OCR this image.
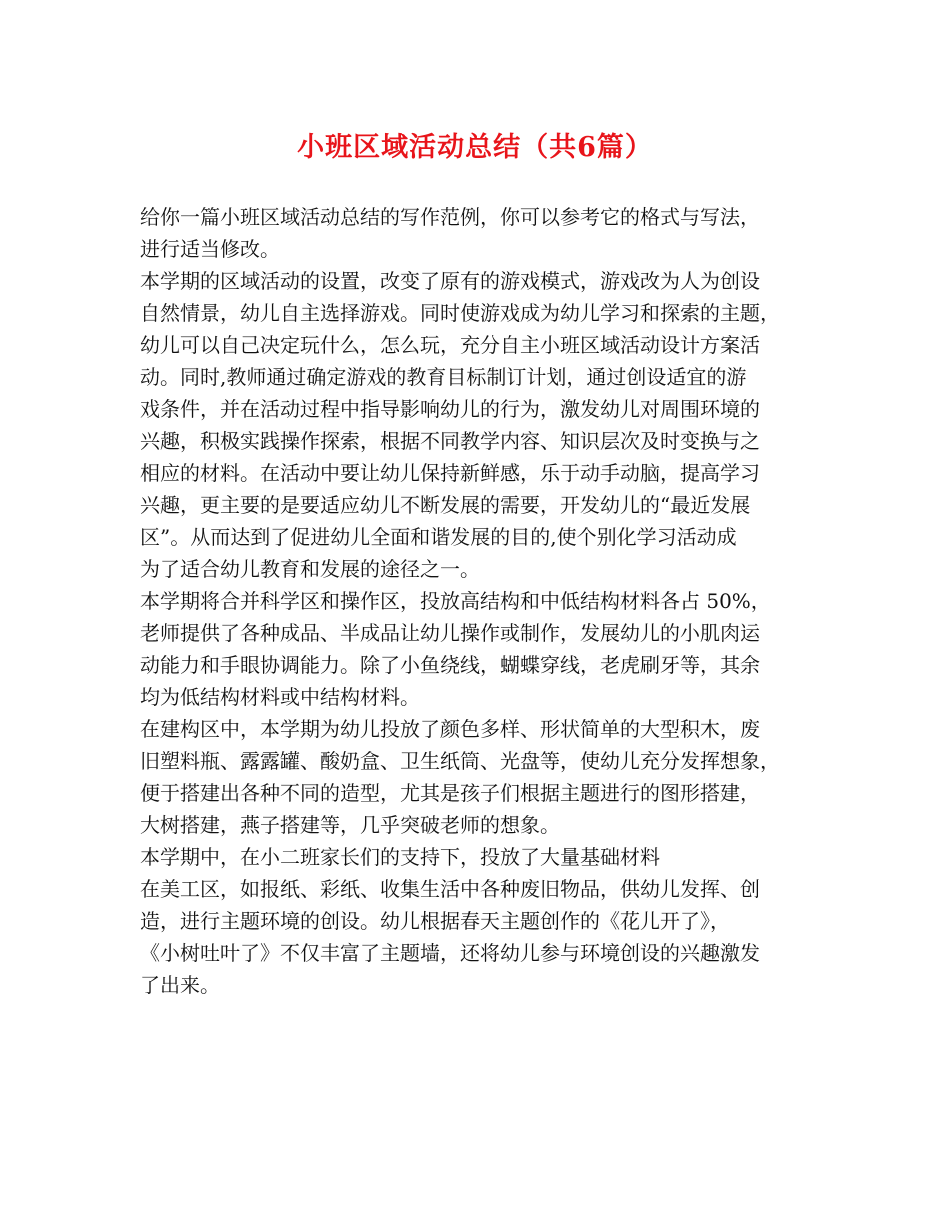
小班区域活动总结（共6篇）

给你一篇小班区域活动总结的写作范例，你可以参考它的格式与写法，
进行适当修改。

本学期的区域活动的设置，改变了原有的游戏模式，游戏改为人为创设
自然情景，幼儿自主选择游戏。同时使游戏成为幼儿学习和探索的主题，
幼儿可以自己决定玩什么，怎么玩，充分自主小班区域活动设计方案活
动。同时,教师通过确定游戏的教育目标制订计划，通过创设适宜的游
戏条件，并在活动过程中指导影响幼儿的行为，激发幼儿对周围环境的
兴趣，积极实践操作探索，根据不同教学内容、知识层次及时变换与之
相应的材料。在活动中要让幼儿保持新鲜感，乐于动手动脑，提高学习
兴趣，更主要的是要适应幼儿不断发展的需要，开发幼儿的“最近发展
区”。从而达到了促进幼儿全面和谐发展的目的,使个别化学习活动成
为了适合幼儿教育和发展的途径之一。

本学期将合并科学区和操作区，投放高结构和中低结构材料各占 50%，
老师提供了各种成品、半成品让幼儿操作或制作，发展幼儿的小肌肉运
动能力和手眼协调能力。除了小鱼绕线，蝴蝶穿线，老虎刷牙等，其余
均为低结构材料或中结构材料。

在建构区中，本学期为幼儿投放了颜色多样、形状简单的大型积木，废
旧塑料瓶、露露罐、酸奶盒、卫生纸筒、光盘等，使幼儿充分发挥想象，
便于搭建出各种不同的造型，尤其是孩子们根据主题进行的图形搭建，
大树搭建，燕子搭建等，几乎突破老师的想象。

本学期中，在小二班家长们的支持下，投放了大量基础材料

在美工区，如报纸、彩纸、收集生活中各种废旧物品，供幼儿发挥、创
造，进行主题环境的创设。幼儿根据春天主题创作的《花儿开了》，
《小树吐叶了》不仅丰富了主题墙，还将幼儿参与环境创设的兴趣激发
了出来。
